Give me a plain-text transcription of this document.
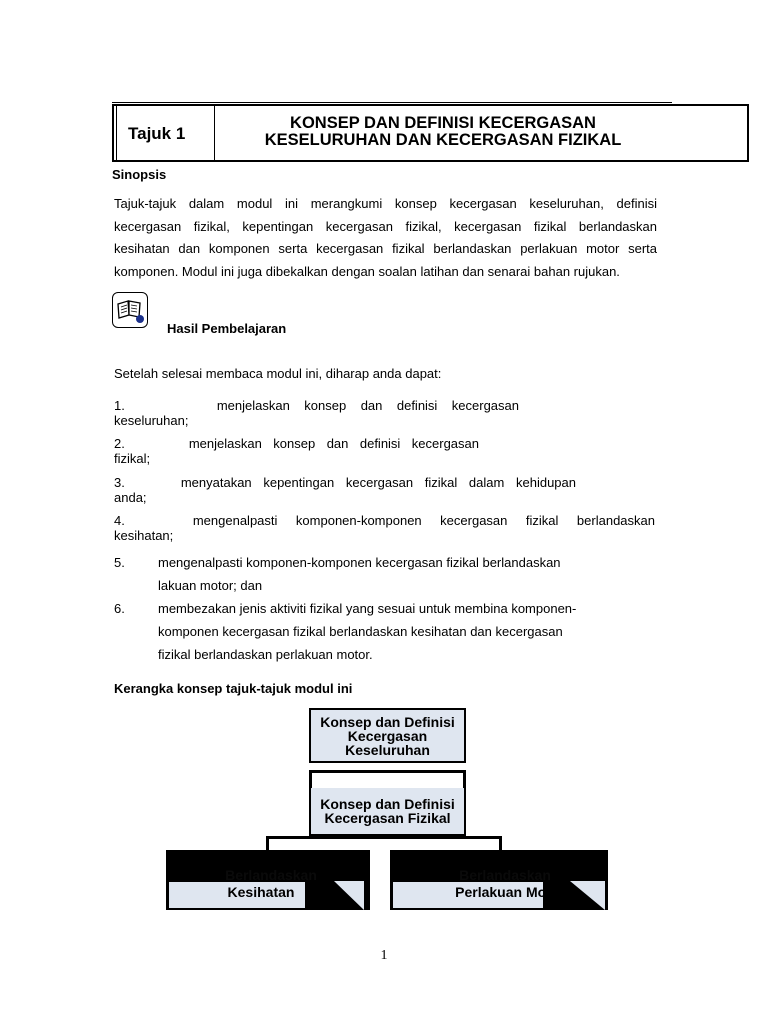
Tajuk 1
KONSEP DAN DEFINISI KECERGASAN
KESELURUHAN DAN KECERGASAN FIZIKAL
Sinopsis
Tajuk-tajuk dalam modul ini merangkumi konsep kecergasan keseluruhan, definisi
kecergasan fizikal, kepentingan kecergasan fizikal, kecergasan fizikal berlandaskan
kesihatan dan komponen serta kecergasan fizikal berlandaskan perlakuan motor serta
komponen. Modul ini juga dibekalkan dengan soalan latihan dan senarai bahan rujukan.
Hasil Pembelajaran
Setelah selesai membaca modul ini, diharap anda dapat:
1.	menjelaskan konsep dan definisi kecergasan
keseluruhan;
2.	menjelaskan konsep dan definisi kecergasan
fizikal;
3.	menyatakan kepentingan kecergasan fizikal dalam kehidupan
anda;
4.	mengenalpasti komponen-komponen kecergasan fizikal berlandaskan
kesihatan;
5.	mengenalpasti komponen-komponen kecergasan fizikal berlandaskan
lakuan motor; dan
6.	membezakan jenis aktiviti fizikal yang sesuai untuk membina komponen-
komponen kecergasan fizikal berlandaskan kesihatan dan kecergasan
fizikal berlandaskan perlakuan motor.
Kerangka konsep tajuk-tajuk modul ini
Konsep dan Definisi
Kecergasan
Keseluruhan
Konsep dan Definisi
Kecergasan Fizikal
Berlandaskan
Kesihatan
Berlandaskan
Perlakuan Motor
1
